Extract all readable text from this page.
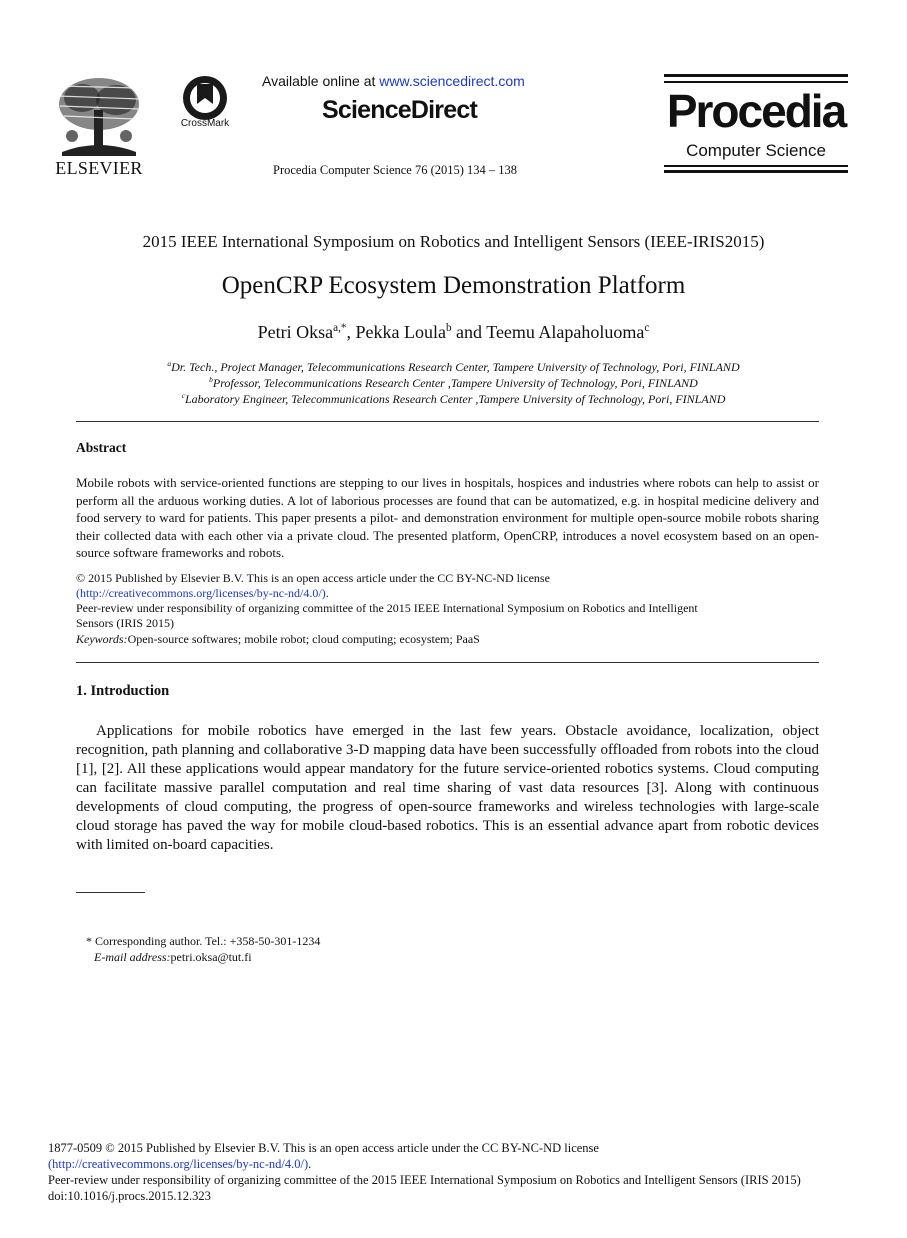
ELSEVIER
CrossMark
Available online at www.sciencedirect.com
ScienceDirect
Procedia Computer Science 76 (2015) 134 – 138
Procedia
Computer Science
2015 IEEE International Symposium on Robotics and Intelligent Sensors (IEEE-IRIS2015)
OpenCRP Ecosystem Demonstration Platform
Petri Oksa$^{a,*}$, Pekka Loula$^b$ and Teemu Alapaholuoma$^c$
$^a$Dr. Tech., Project Manager, Telecommunications Research Center, Tampere University of Technology, Pori, FINLAND
$^b$Professor, Telecommunications Research Center ,Tampere University of Technology, Pori, FINLAND
$^c$Laboratory Engineer, Telecommunications Research Center ,Tampere University of Technology, Pori, FINLAND
Abstract
Mobile robots with service-oriented functions are stepping to our lives in hospitals, hospices and industries where robots can help to assist or perform all the arduous working duties. A lot of laborious processes are found that can be automatized, e.g. in hospital medicine delivery and food servery to ward for patients. This paper presents a pilot- and demonstration environment for multiple open-source mobile robots sharing their collected data with each other via a private cloud. The presented platform, OpenCRP, introduces a novel ecosystem based on an open-source software frameworks and robots.
© 2015 Published by Elsevier B.V. This is an open access article under the CC BY-NC-ND license
(http://creativecommons.org/licenses/by-nc-nd/4.0/).
Peer-review under responsibility of organizing committee of the 2015 IEEE International Symposium on Robotics and Intelligent
Sensors (IRIS 2015)
Keywords:Open-source softwares; mobile robot; cloud computing; ecosystem; PaaS
1. Introduction
Applications for mobile robotics have emerged in the last few years. Obstacle avoidance, localization, object recognition, path planning and collaborative 3-D mapping data have been successfully offloaded from robots into the cloud [1], [2]. All these applications would appear mandatory for the future service-oriented robotics systems. Cloud computing can facilitate massive parallel computation and real time sharing of vast data resources [3]. Along with continuous developments of cloud computing, the progress of open-source frameworks and wireless technologies with large-scale cloud storage has paved the way for mobile cloud-based robotics. This is an essential advance apart from robotic devices with limited on-board capacities.
* Corresponding author. Tel.: +358-50-301-1234
E-mail address:petri.oksa@tut.fi
1877-0509 © 2015 Published by Elsevier B.V. This is an open access article under the CC BY-NC-ND license
(http://creativecommons.org/licenses/by-nc-nd/4.0/).
Peer-review under responsibility of organizing committee of the 2015 IEEE International Symposium on Robotics and Intelligent Sensors (IRIS 2015)
doi:10.1016/j.procs.2015.12.323
